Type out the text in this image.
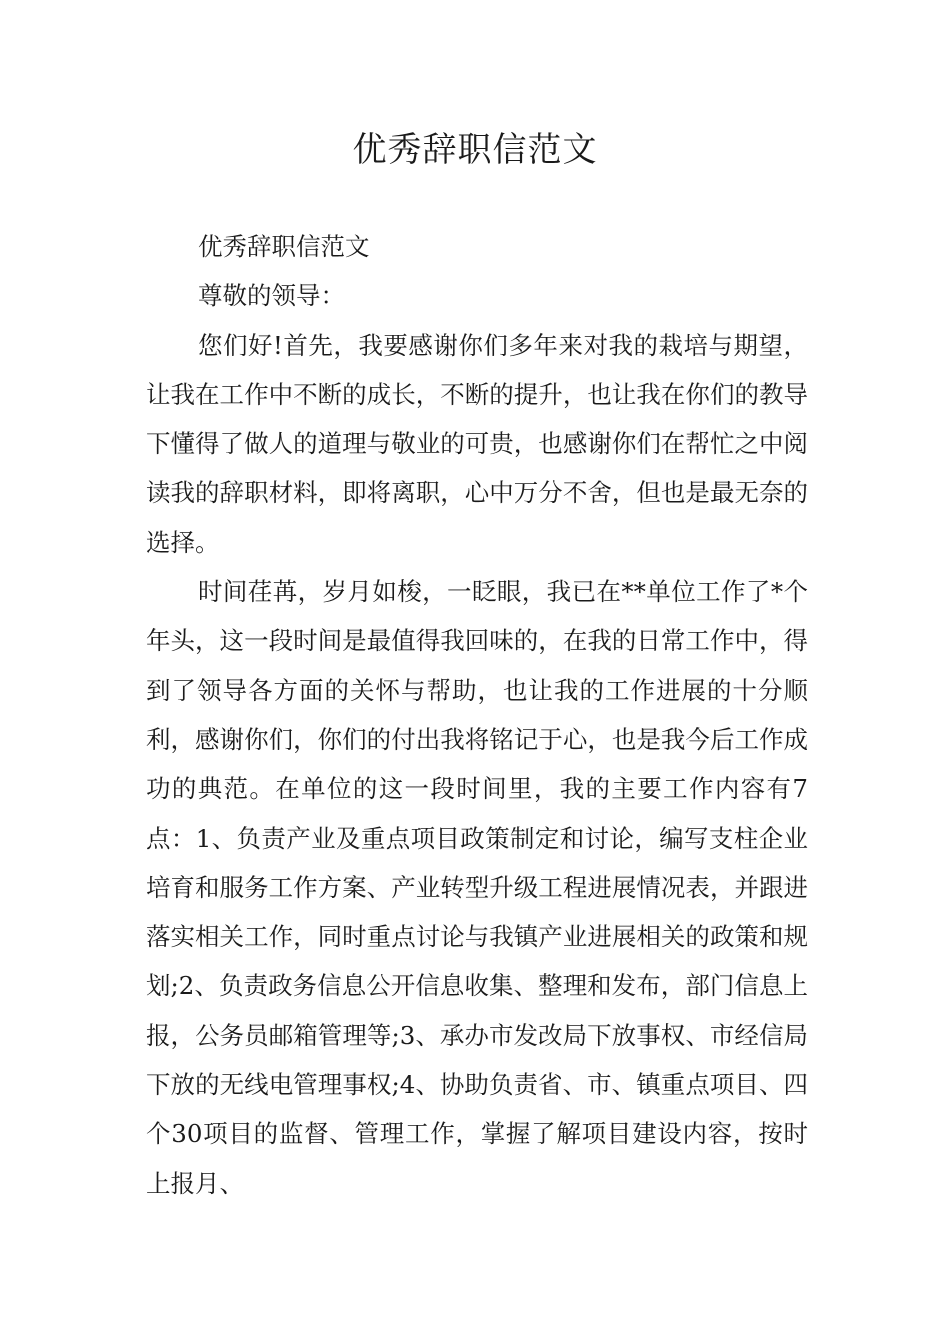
优秀辞职信范文

优秀辞职信范文

尊敬的领导：

您们好!首先，我要感谢你们多年来对我的栽培与期望，让我在工作中不断的成长，不断的提升，也让我在你们的教导下懂得了做人的道理与敬业的可贵，也感谢你们在帮忙之中阅读我的辞职材料，即将离职，心中万分不舍，但也是最无奈的选择。

时间荏苒，岁月如梭，一眨眼，我已在**单位工作了*个年头，这一段时间是最值得我回味的，在我的日常工作中，得到了领导各方面的关怀与帮助，也让我的工作进展的十分顺利，感谢你们，你们的付出我将铭记于心，也是我今后工作成功的典范。在单位的这一段时间里，我的主要工作内容有7点：1、负责产业及重点项目政策制定和讨论，编写支柱企业培育和服务工作方案、产业转型升级工程进展情况表，并跟进落实相关工作，同时重点讨论与我镇产业进展相关的政策和规划;2、负责政务信息公开信息收集、整理和发布，部门信息上报，公务员邮箱管理等;3、承办市发改局下放事权、市经信局下放的无线电管理事权;4、协助负责省、市、镇重点项目、四个30项目的监督、管理工作，掌握了解项目建设内容，按时上报月、
